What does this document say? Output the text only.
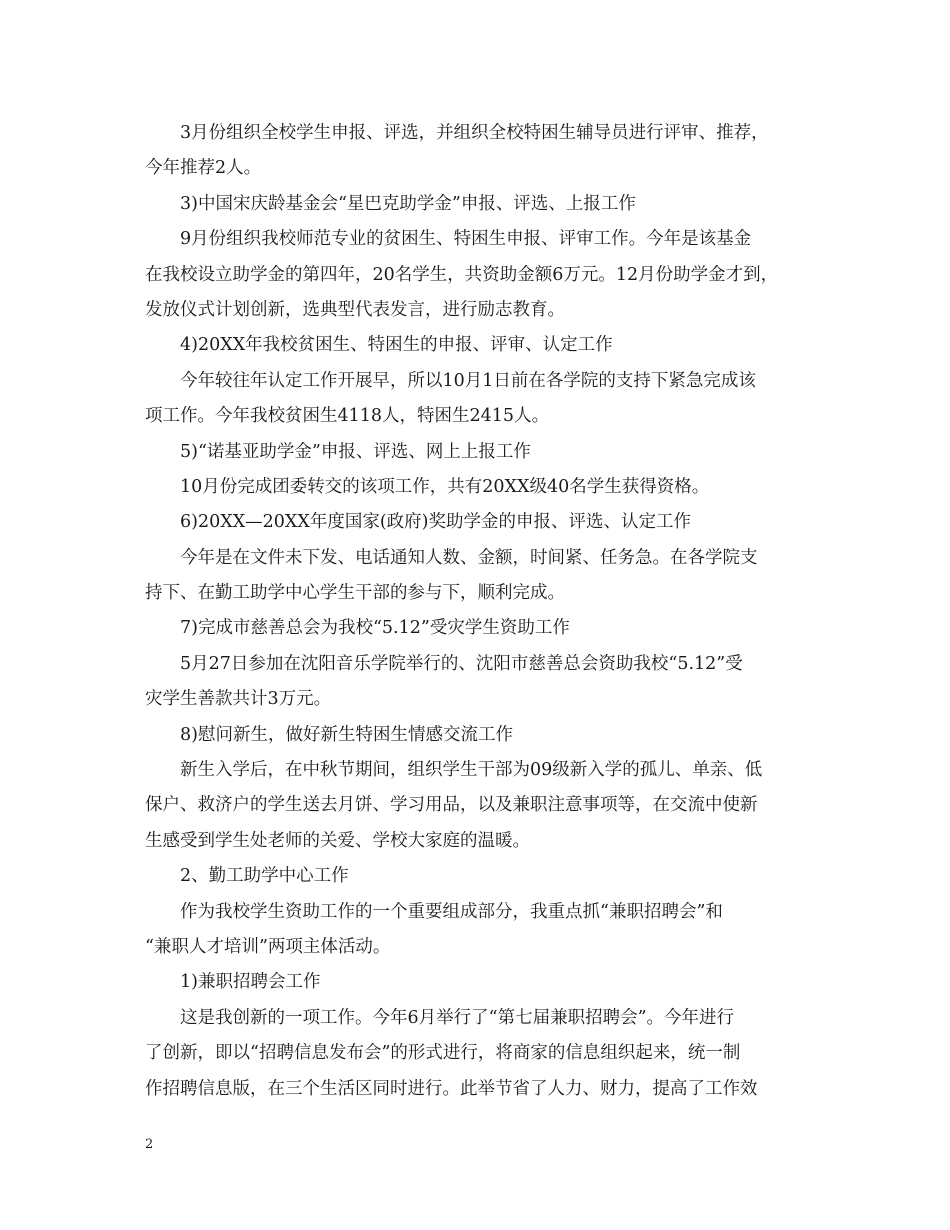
3月份组织全校学生申报、评选，并组织全校特困生辅导员进行评审、推荐，
今年推荐2人。
3)中国宋庆龄基金会“星巴克助学金”申报、评选、上报工作
9月份组织我校师范专业的贫困生、特困生申报、评审工作。今年是该基金
在我校设立助学金的第四年，20名学生，共资助金额6万元。12月份助学金才到，
发放仪式计划创新，选典型代表发言，进行励志教育。
4)20XX年我校贫困生、特困生的申报、评审、认定工作
今年较往年认定工作开展早，所以10月1日前在各学院的支持下紧急完成该
项工作。今年我校贫困生4118人，特困生2415人。
5)“诺基亚助学金”申报、评选、网上上报工作
10月份完成团委转交的该项工作，共有20XX级40名学生获得资格。
6)20XX—20XX年度国家(政府)奖助学金的申报、评选、认定工作
今年是在文件未下发、电话通知人数、金额，时间紧、任务急。在各学院支
持下、在勤工助学中心学生干部的参与下，顺利完成。
7)完成市慈善总会为我校“5.12”受灾学生资助工作
5月27日参加在沈阳音乐学院举行的、沈阳市慈善总会资助我校“5.12”受
灾学生善款共计3万元。
8)慰问新生，做好新生特困生情感交流工作
新生入学后，在中秋节期间，组织学生干部为09级新入学的孤儿、单亲、低
保户、救济户的学生送去月饼、学习用品，以及兼职注意事项等，在交流中使新
生感受到学生处老师的关爱、学校大家庭的温暖。
2、勤工助学中心工作
作为我校学生资助工作的一个重要组成部分，我重点抓“兼职招聘会”和
“兼职人才培训”两项主体活动。
1)兼职招聘会工作
这是我创新的一项工作。今年6月举行了“第七届兼职招聘会”。今年进行
了创新，即以“招聘信息发布会”的形式进行，将商家的信息组织起来，统一制
作招聘信息版，在三个生活区同时进行。此举节省了人力、财力，提高了工作效
2
